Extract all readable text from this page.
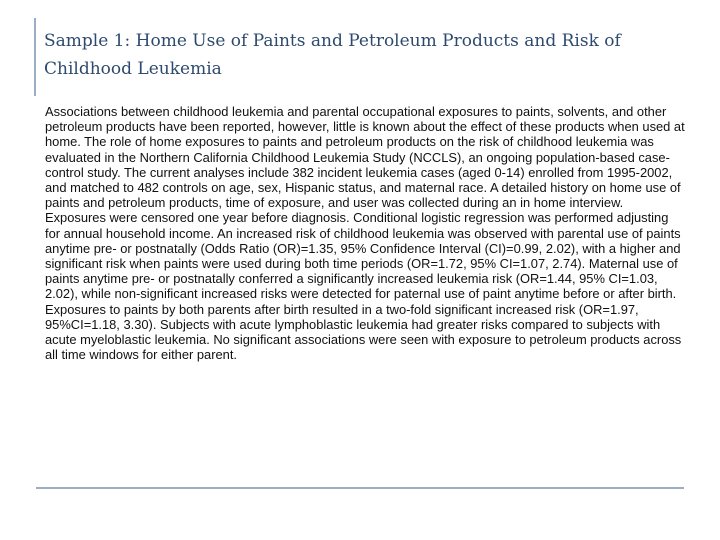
Sample 1: Home Use of Paints and Petroleum Products and Risk of Childhood Leukemia

Associations between childhood leukemia and parental occupational exposures to paints, solvents, and other petroleum products have been reported, however, little is known about the effect of these products when used at home. The role of home exposures to paints and petroleum products on the risk of childhood leukemia was evaluated in the Northern California Childhood Leukemia Study (NCCLS), an ongoing population-based case-control study. The current analyses include 382 incident leukemia cases (aged 0-14) enrolled from 1995-2002, and matched to 482 controls on age, sex, Hispanic status, and maternal race. A detailed history on home use of paints and petroleum products, time of exposure, and user was collected during an in home interview. Exposures were censored one year before diagnosis. Conditional logistic regression was performed adjusting for annual household income. An increased risk of childhood leukemia was observed with parental use of paints anytime pre- or postnatally (Odds Ratio (OR)=1.35, 95% Confidence Interval (CI)=0.99, 2.02), with a higher and significant risk when paints were used during both time periods (OR=1.72, 95% CI=1.07, 2.74). Maternal use of paints anytime pre- or postnatally conferred a significantly increased leukemia risk (OR=1.44, 95% CI=1.03, 2.02), while non-significant increased risks were detected for paternal use of paint anytime before or after birth. Exposures to paints by both parents after birth resulted in a two-fold significant increased risk (OR=1.97, 95%CI=1.18, 3.30). Subjects with acute lymphoblastic leukemia had greater risks compared to subjects with acute myeloblastic leukemia. No significant associations were seen with exposure to petroleum products across all time windows for either parent.
